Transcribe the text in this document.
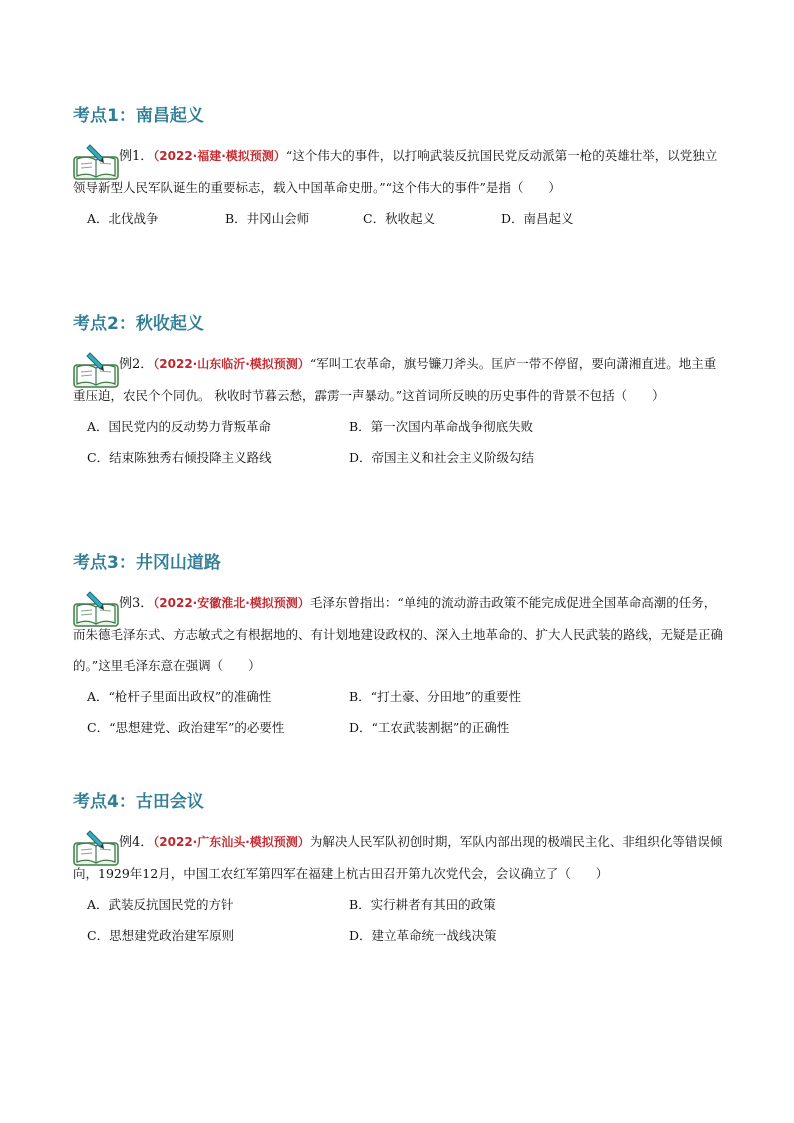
考点1：南昌起义
例1．（2022·福建·模拟预测）“这个伟大的事件，以打响武装反抗国民党反动派第一枪的英雄壮举，以党独立领导新型人民军队诞生的重要标志，载入中国革命史册。”“这个伟大的事件”是指（　　）
A．北伐战争	B．井冈山会师	C．秋收起义	D．南昌起义
考点2：秋收起义
例2．（2022·山东临沂·模拟预测）“军叫工农革命，旗号镰刀斧头。匡庐一带不停留，要向潇湘直进。地主重重压迫，农民个个同仇。 秋收时节暮云愁，霹雳一声暴动。”这首词所反映的历史事件的背景不包括（　　）
A．国民党内的反动势力背叛革命	B．第一次国内革命战争彻底失败
C．结束陈独秀右倾投降主义路线	D．帝国主义和社会主义阶级勾结
考点3：井冈山道路
例3．（2022·安徽淮北·模拟预测）毛泽东曾指出：“单纯的流动游击政策不能完成促进全国革命高潮的任务，而朱德毛泽东式、方志敏式之有根据地的、有计划地建设政权的、深入土地革命的、扩大人民武装的路线，无疑是正确的。”这里毛泽东意在强调（　　）
A．“枪杆子里面出政权”的准确性	B．“打土豪、分田地”的重要性
C．“思想建党、政治建军”的必要性	D．“工农武装割据”的正确性
考点4：古田会议
例4．（2022·广东汕头·模拟预测）为解决人民军队初创时期，军队内部出现的极端民主化、非组织化等错误倾向，1929年12月，中国工农红军第四军在福建上杭古田召开第九次党代会，会议确立了（　　）
A．武装反抗国民党的方针	B．实行耕者有其田的政策
C．思想建党政治建军原则	D．建立革命统一战线决策
